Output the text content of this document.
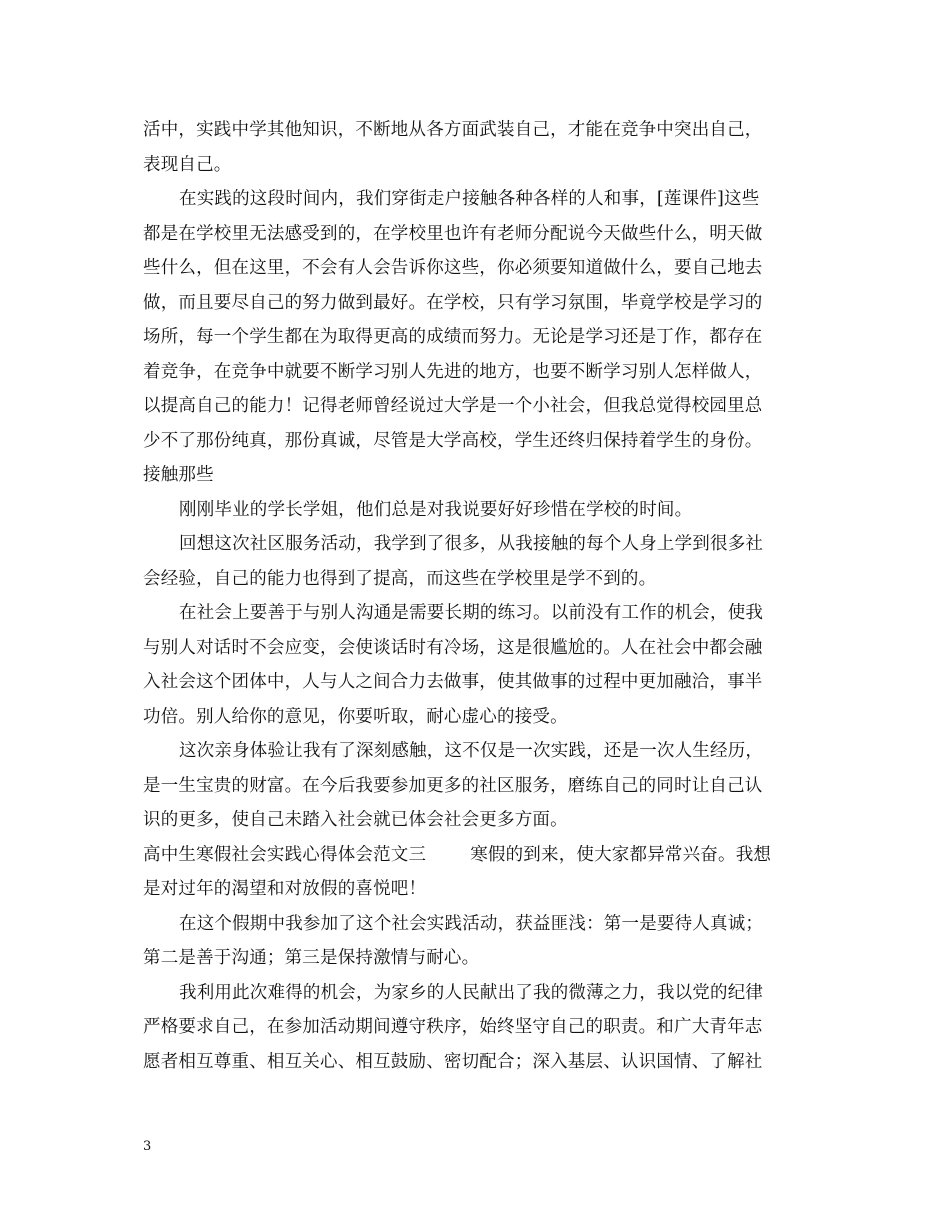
活中，实践中学其他知识，不断地从各方面武装自己，才能在竞争中突出自己，
表现自己。
在实践的这段时间内，我们穿街走户接触各种各样的人和事，[莲课件]这些
都是在学校里无法感受到的，在学校里也许有老师分配说今天做些什么，明天做
些什么，但在这里，不会有人会告诉你这些，你必须要知道做什么，要自己地去
做，而且要尽自己的努力做到最好。在学校，只有学习氛围，毕竟学校是学习的
场所，每一个学生都在为取得更高的成绩而努力。无论是学习还是丁作，都存在
着竞争，在竞争中就要不断学习别人先进的地方，也要不断学习别人怎样做人，
以提高自己的能力！记得老师曾经说过大学是一个小社会，但我总觉得校园里总
少不了那份纯真，那份真诚，尽管是大学高校，学生还终归保持着学生的身份。
接触那些
刚刚毕业的学长学姐，他们总是对我说要好好珍惜在学校的时间。
回想这次社区服务活动，我学到了很多，从我接触的每个人身上学到很多社
会经验，自己的能力也得到了提高，而这些在学校里是学不到的。
在社会上要善于与别人沟通是需要长期的练习。以前没有工作的机会，使我
与别人对话时不会应变，会使谈话时有冷场，这是很尴尬的。人在社会中都会融
入社会这个团体中，人与人之间合力去做事，使其做事的过程中更加融洽，事半
功倍。别人给你的意见，你要听取，耐心虚心的接受。
这次亲身体验让我有了深刻感触，这不仅是一次实践，还是一次人生经历，
是一生宝贵的财富。在今后我要参加更多的社区服务，磨练自己的同时让自己认
识的更多，使自己未踏入社会就已体会社会更多方面。
高中生寒假社会实践心得体会范文三	寒假的到来，使大家都异常兴奋。我想
是对过年的渴望和对放假的喜悦吧！
在这个假期中我参加了这个社会实践活动，获益匪浅：第一是要待人真诚；
第二是善于沟通；第三是保持激情与耐心。
我利用此次难得的机会，为家乡的人民献出了我的微薄之力，我以党的纪律
严格要求自己，在参加活动期间遵守秩序，始终坚守自己的职责。和广大青年志
愿者相互尊重、相互关心、相互鼓励、密切配合；深入基层、认识国情、了解社
3
